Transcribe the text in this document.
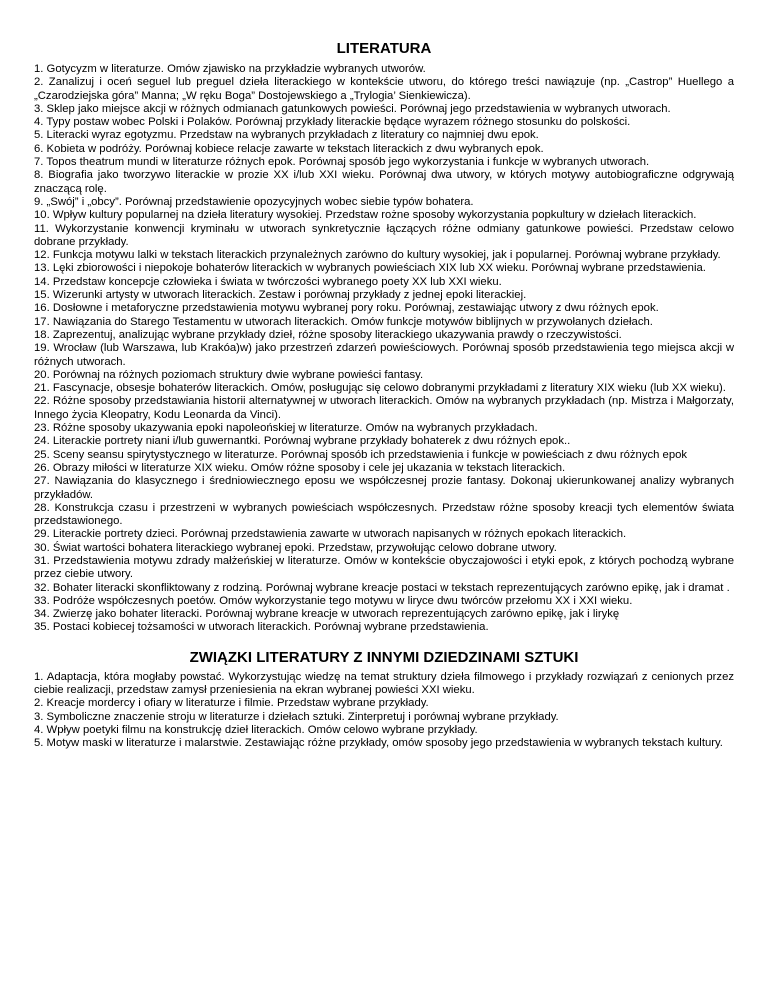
LITERATURA
1. Gotycyzm w literaturze. Omów zjawisko na przykładzie wybranych utworów.
2. Zanalizuj i oceń seguel lub preguel dzieła literackiego w kontekście utworu, do którego treści nawiązuje (np. „Castrop” Huellego a „Czarodziejska góra” Manna; „W ręku Boga” Dostojewskiego a „Trylogia’ Sienkiewicza).
3. Sklep jako miejsce akcji w różnych odmianach gatunkowych powieści. Porównaj jego przedstawienia w wybranych utworach.
4. Typy postaw wobec Polski i Polaków. Porównaj przykłady literackie będące wyrazem różnego stosunku do polskości.
5. Literacki wyraz egotyzmu. Przedstaw na wybranych przykładach z literatury co najmniej dwu epok.
6. Kobieta w podróży. Porównaj kobiece relacje zawarte w tekstach literackich z dwu wybranych epok.
7. Topos theatrum mundi w literaturze różnych epok. Porównaj sposób jego wykorzystania i funkcje w wybranych utworach.
8. Biografia jako tworzywo literackie w prozie XX i/lub XXI wieku. Porównaj dwa utwory, w których motywy autobiograficzne odgrywają znaczącą rolę.
9. „Swój” i „obcy”. Porównaj przedstawienie opozycyjnych wobec siebie typów bohatera.
10. Wpływ kultury popularnej na dzieła literatury wysokiej. Przedstaw rożne sposoby wykorzystania popkultury w dziełach literackich.
11. Wykorzystanie konwencji kryminału w utworach synkretycznie łączących różne odmiany gatunkowe powieści. Przedstaw celowo dobrane przykłady.
12. Funkcja motywu lalki w tekstach literackich przynależnych zarówno do kultury wysokiej, jak i popularnej. Porównaj wybrane przykłady.
13. Lęki zbiorowości i niepokoje bohaterów literackich w wybranych powieściach XIX lub XX wieku. Porównaj wybrane przedstawienia.
14. Przedstaw koncepcje człowieka i świata w twórczości wybranego poety XX lub XXI wieku.
15. Wizerunki artysty w utworach literackich. Zestaw i porównaj przykłady z jednej epoki literackiej.
16. Dosłowne i metaforyczne przedstawienia motywu wybranej pory roku. Porównaj, zestawiając utwory z dwu różnych epok.
17. Nawiązania do Starego Testamentu w utworach literackich. Omów funkcje motywów biblijnych w przywołanych dziełach.
18. Zaprezentuj, analizując wybrane przykłady dzieł, różne sposoby literackiego ukazywania prawdy o rzeczywistości.
19. Wrocław (lub Warszawa, lub Krakóa)w) jako przestrzeń zdarzeń powieściowych. Porównaj sposób przedstawienia tego miejsca akcji w różnych utworach.
20. Porównaj na różnych poziomach struktury dwie wybrane powieści fantasy.
21. Fascynacje, obsesje bohaterów literackich. Omów, posługując się celowo dobranymi przykładami z literatury XIX wieku (lub XX wieku).
22. Różne sposoby przedstawiania historii alternatywnej w utworach literackich. Omów na wybranych przykładach (np. Mistrza i Małgorzaty, Innego życia Kleopatry, Kodu Leonarda da Vinci).
23. Różne sposoby ukazywania epoki napoleońskiej w literaturze. Omów na wybranych przykładach.
24. Literackie portrety niani i/lub guwernantki. Porównaj wybrane przykłady bohaterek z dwu różnych epok..
25. Sceny seansu spirytystycznego w literaturze. Porównaj sposób ich przedstawienia i funkcje w powieściach z dwu różnych epok
26. Obrazy miłości w literaturze XIX wieku. Omów różne sposoby i cele jej ukazania w tekstach literackich.
27. Nawiązania do klasycznego i średniowiecznego eposu we współczesnej prozie fantasy. Dokonaj ukierunkowanej analizy wybranych przykładów.
28. Konstrukcja czasu i przestrzeni w wybranych powieściach współczesnych. Przedstaw różne sposoby kreacji tych elementów świata przedstawionego.
29. Literackie portrety dzieci. Porównaj przedstawienia zawarte w utworach napisanych w różnych epokach literackich.
30. Świat wartości bohatera literackiego wybranej epoki. Przedstaw, przywołując celowo dobrane utwory.
31. Przedstawienia motywu zdrady małżeńskiej w literaturze. Omów w kontekście obyczajowości i etyki epok, z których pochodzą wybrane przez ciebie utwory.
32. Bohater literacki skonfliktowany z rodziną. Porównaj wybrane kreacje postaci w tekstach reprezentujących zarówno epikę, jak i dramat .
33. Podróże współczesnych poetów. Omów wykorzystanie tego motywu w liryce dwu twórców przełomu XX i XXI wieku.
34. Zwierzę jako bohater literacki. Porównaj wybrane kreacje w utworach reprezentujących zarówno epikę, jak i lirykę
35. Postaci kobiecej tożsamości w utworach literackich. Porównaj wybrane przedstawienia.
ZWIĄZKI LITERATURY Z INNYMI DZIEDZINAMI SZTUKI
1. Adaptacja, która mogłaby powstać. Wykorzystując wiedzę na temat struktury dzieła filmowego i przykłady rozwiązań z cenionych przez ciebie realizacji, przedstaw zamysł przeniesienia na ekran wybranej powieści XXI wieku.
2. Kreacje mordercy i ofiary w literaturze i filmie. Przedstaw wybrane przykłady.
3. Symboliczne znaczenie stroju w literaturze i dziełach sztuki. Zinterpretuj i porównaj wybrane przykłady.
4. Wpływ poetyki filmu na konstrukcję dzieł literackich. Omów celowo wybrane przykłady.
5. Motyw maski w literaturze i malarstwie. Zestawiając różne przykłady, omów sposoby jego przedstawienia w wybranych tekstach kultury.
